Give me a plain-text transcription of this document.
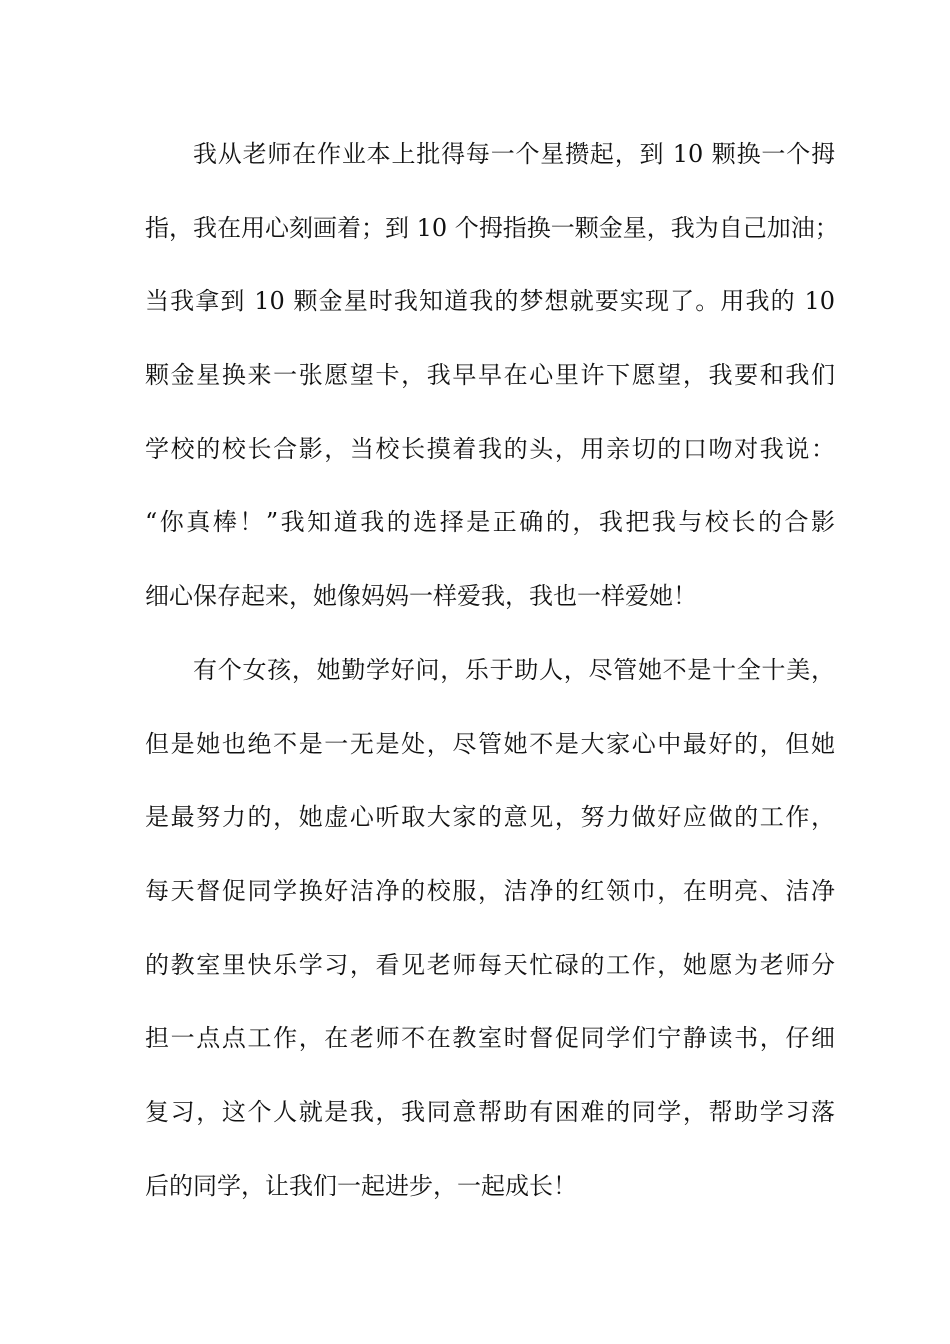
我从老师在作业本上批得每一个星攒起，到 10 颗换一个拇
指，我在用心刻画着；到 10 个拇指换一颗金星，我为自己加油；
当我拿到 10 颗金星时我知道我的梦想就要实现了。用我的 10
颗金星换来一张愿望卡，我早早在心里许下愿望，我要和我们
学校的校长合影，当校长摸着我的头，用亲切的口吻对我说：
“你真棒！”我知道我的选择是正确的，我把我与校长的合影
细心保存起来，她像妈妈一样爱我，我也一样爱她！
有个女孩，她勤学好问，乐于助人，尽管她不是十全十美，
但是她也绝不是一无是处，尽管她不是大家心中最好的，但她
是最努力的，她虚心听取大家的意见，努力做好应做的工作，
每天督促同学换好洁净的校服，洁净的红领巾，在明亮、洁净
的教室里快乐学习，看见老师每天忙碌的工作，她愿为老师分
担一点点工作，在老师不在教室时督促同学们宁静读书，仔细
复习，这个人就是我，我同意帮助有困难的同学，帮助学习落
后的同学，让我们一起进步，一起成长！
